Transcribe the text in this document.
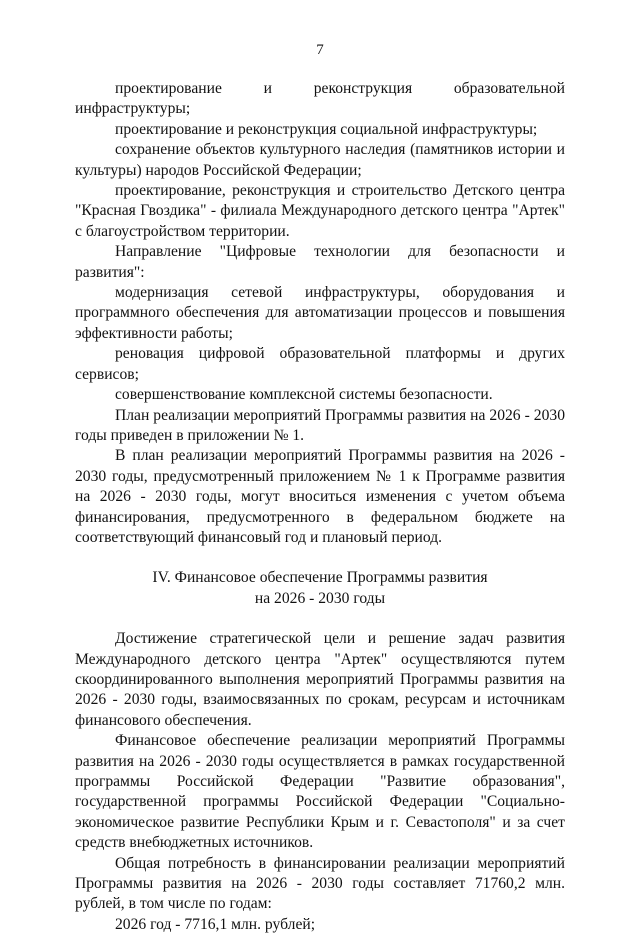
7

проектирование и реконструкция образовательной инфраструктуры;

проектирование и реконструкция социальной инфраструктуры;

сохранение объектов культурного наследия (памятников истории и культуры) народов Российской Федерации;

проектирование, реконструкция и строительство Детского центра "Красная Гвоздика" - филиала Международного детского центра "Артек" с благоустройством территории.

Направление "Цифровые технологии для безопасности и развития":

модернизация сетевой инфраструктуры, оборудования и программного обеспечения для автоматизации процессов и повышения эффективности работы;

реновация цифровой образовательной платформы и других сервисов;

совершенствование комплексной системы безопасности.

План реализации мероприятий Программы развития на 2026 - 2030 годы приведен в приложении № 1.

В план реализации мероприятий Программы развития на 2026 - 2030 годы, предусмотренный приложением № 1 к Программе развития на 2026 - 2030 годы, могут вноситься изменения с учетом объема финансирования, предусмотренного в федеральном бюджете на соответствующий финансовый год и плановый период.

IV. Финансовое обеспечение Программы развития

на 2026 - 2030 годы

Достижение стратегической цели и решение задач развития Международного детского центра "Артек" осуществляются путем скоординированного выполнения мероприятий Программы развития на 2026 - 2030 годы, взаимосвязанных по срокам, ресурсам и источникам финансового обеспечения.

Финансовое обеспечение реализации мероприятий Программы развития на 2026 - 2030 годы осуществляется в рамках государственной программы Российской Федерации "Развитие образования", государственной программы Российской Федерации "Социально-экономическое развитие Республики Крым и г. Севастополя" и за счет средств внебюджетных источников.

Общая потребность в финансировании реализации мероприятий Программы развития на 2026 - 2030 годы составляет 71760,2 млн. рублей, в том числе по годам:

2026 год - 7716,1 млн. рублей;
